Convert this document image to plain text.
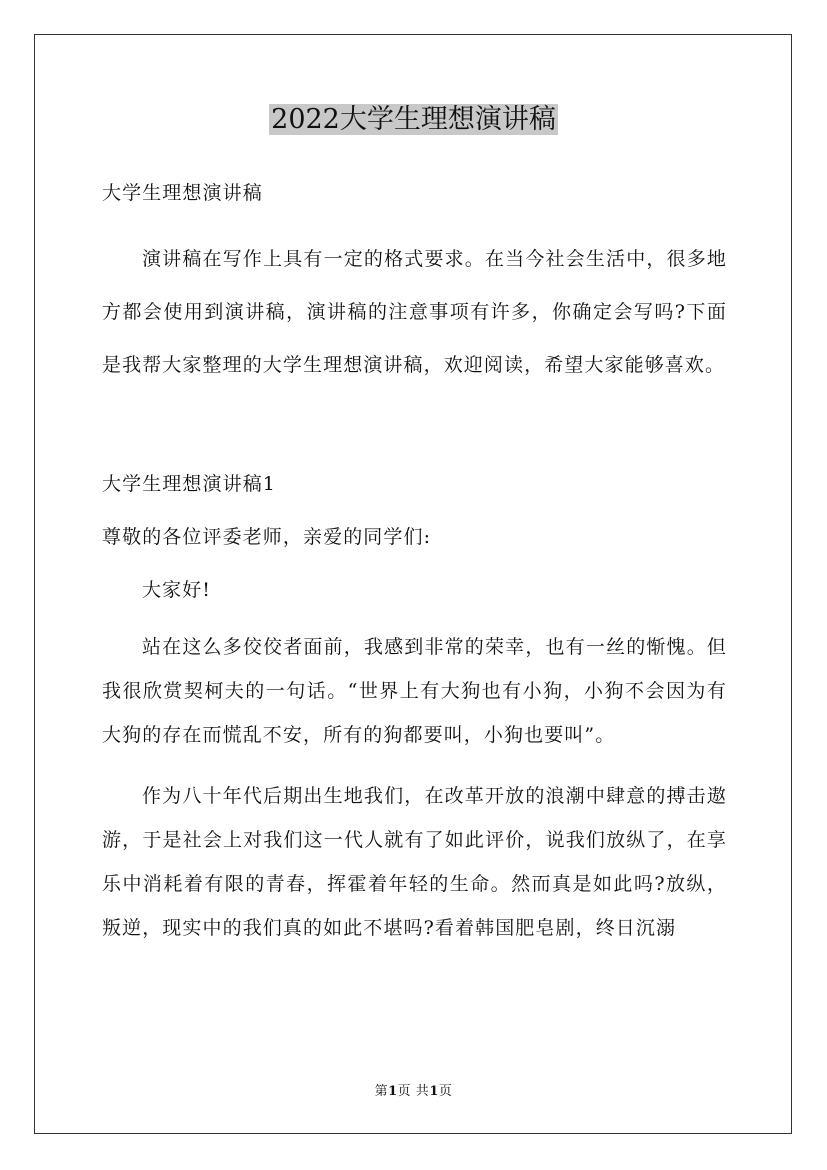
2022大学生理想演讲稿

大学生理想演讲稿

演讲稿在写作上具有一定的格式要求。在当今社会生活中，很多地方都会使用到演讲稿，演讲稿的注意事项有许多，你确定会写吗?下面是我帮大家整理的大学生理想演讲稿，欢迎阅读，希望大家能够喜欢。

大学生理想演讲稿1

尊敬的各位评委老师，亲爱的同学们:

大家好!

站在这么多佼佼者面前，我感到非常的荣幸，也有一丝的惭愧。但我很欣赏契柯夫的一句话。“世界上有大狗也有小狗，小狗不会因为有大狗的存在而慌乱不安，所有的狗都要叫，小狗也要叫”。

作为八十年代后期出生地我们，在改革开放的浪潮中肆意的搏击遨游，于是社会上对我们这一代人就有了如此评价，说我们放纵了，在享乐中消耗着有限的青春，挥霍着年轻的生命。然而真是如此吗?放纵，叛逆，现实中的我们真的如此不堪吗?看着韩国肥皂剧，终日沉溺

第1页 共1页
